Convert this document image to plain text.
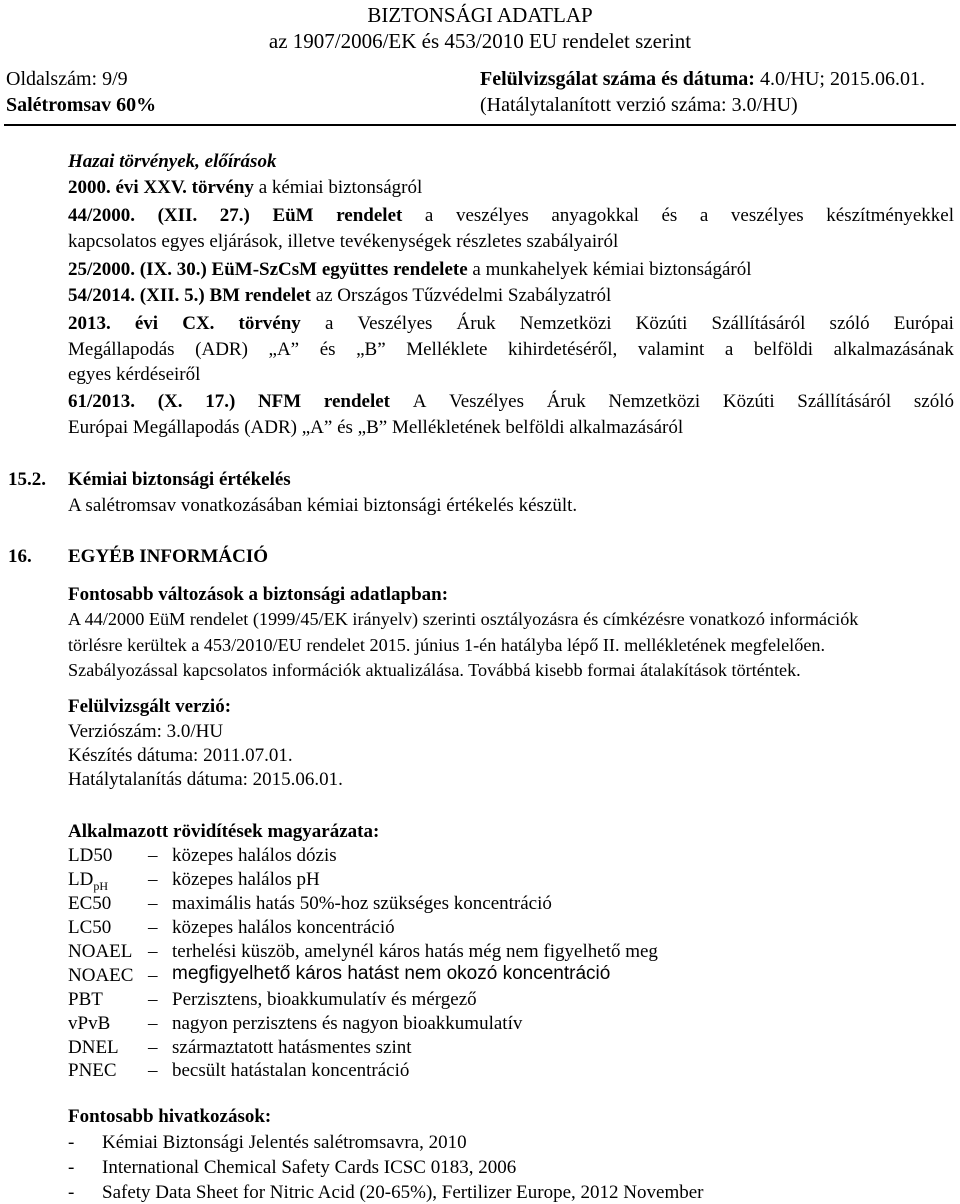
BIZTONSÁGI ADATLAP
az 1907/2006/EK és 453/2010 EU rendelet szerint
Oldalszám: 9/9	Felülvizsgálat száma és dátuma: 4.0/HU; 2015.06.01.
Salétromsav 60%	(Hatálytalanított verzió száma: 3.0/HU)
Hazai törvények, előírások
2000. évi XXV. törvény a kémiai biztonságról
44/2000. (XII. 27.) EüM rendelet a veszélyes anyagokkal és a veszélyes készítményekkel
kapcsolatos egyes eljárások, illetve tevékenységek részletes szabályairól
25/2000. (IX. 30.) EüM-SzCsM együttes rendelete a munkahelyek kémiai biztonságáról
54/2014. (XII. 5.) BM rendelet az Országos Tűzvédelmi Szabályzatról
2013. évi CX. törvény a Veszélyes Áruk Nemzetközi Közúti Szállításáról szóló Európai
Megállapodás (ADR) „A” és „B” Melléklete kihirdetéséről, valamint a belföldi alkalmazásának
egyes kérdéseiről
61/2013. (X. 17.) NFM rendelet A Veszélyes Áruk Nemzetközi Közúti Szállításáról szóló
Európai Megállapodás (ADR) „A” és „B” Mellékletének belföldi alkalmazásáról
15.2. Kémiai biztonsági értékelés
A salétromsav vonatkozásában kémiai biztonsági értékelés készült.
16. EGYÉB INFORMÁCIÓ
Fontosabb változások a biztonsági adatlapban:
A 44/2000 EüM rendelet (1999/45/EK irányelv) szerinti osztályozásra és címkézésre vonatkozó információk
törlésre kerültek a 453/2010/EU rendelet 2015. június 1-én hatályba lépő II. mellékletének megfelelően.
Szabályozással kapcsolatos információk aktualizálása. Továbbá kisebb formai átalakítások történtek.
Felülvizsgált verzió:
Verziószám: 3.0/HU
Készítés dátuma: 2011.07.01.
Hatálytalanítás dátuma: 2015.06.01.
Alkalmazott rövidítések magyarázata:
LD50 – közepes halálos dózis
$LD_{pH}$ – közepes halálos pH
EC50 – maximális hatás 50%-hoz szükséges koncentráció
LC50 – közepes halálos koncentráció
NOAEL – terhelési küszöb, amelynél káros hatás még nem figyelhető meg
NOAEC – megfigyelhető káros hatást nem okozó koncentráció
PBT – Perzisztens, bioakkumulatív és mérgező
vPvB – nagyon perzisztens és nagyon bioakkumulatív
DNEL – származtatott hatásmentes szint
PNEC – becsült hatástalan koncentráció
Fontosabb hivatkozások:
- Kémiai Biztonsági Jelentés salétromsavra, 2010
- International Chemical Safety Cards ICSC 0183, 2006
- Safety Data Sheet for Nitric Acid (20-65%), Fertilizer Europe, 2012 November
